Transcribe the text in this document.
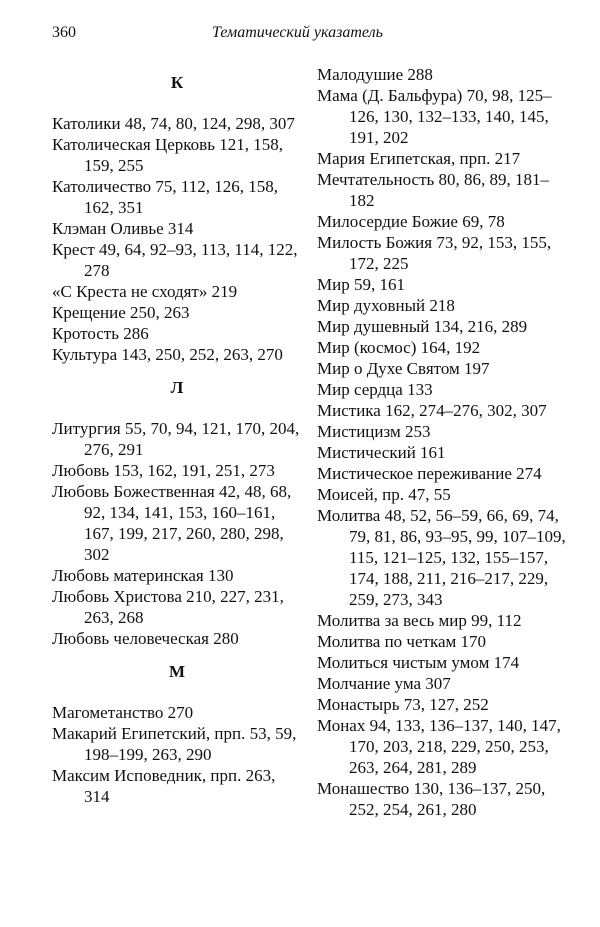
360	Тематический указатель
К

Католики 48, 74, 80, 124, 298, 307

Католическая Церковь 121, 158, 159, 255

Католичество 75, 112, 126, 158, 162, 351

Клэман Оливье 314

Крест 49, 64, 92–93, 113, 114, 122, 278

«С Креста не сходят» 219

Крещение 250, 263

Кротость 286

Культура 143, 250, 252, 263, 270

Л

Литургия 55, 70, 94, 121, 170, 204, 276, 291

Любовь 153, 162, 191, 251, 273

Любовь Божественная 42, 48, 68, 92, 134, 141, 153, 160–161, 167, 199, 217, 260, 280, 298, 302

Любовь материнская 130

Любовь Христова 210, 227, 231, 263, 268

Любовь человеческая 280

М

Магометанство 270

Макарий Египетский, прп. 53, 59, 198–199, 263, 290

Максим Исповедник, прп. 263, 314

Малодушие 288

Мама (Д. Бальфура) 70, 98, 125–126, 130, 132–133, 140, 145, 191, 202

Мария Египетская, прп. 217

Мечтательность 80, 86, 89, 181–182

Милосердие Божие 69, 78

Милость Божия 73, 92, 153, 155, 172, 225

Мир 59, 161

Мир духовный 218

Мир душевный 134, 216, 289

Мир (космос) 164, 192

Мир о Духе Святом 197

Мир сердца 133

Мистика 162, 274–276, 302, 307

Мистицизм 253

Мистический 161

Мистическое переживание 274

Моисей, пр. 47, 55

Молитва 48, 52, 56–59, 66, 69, 74, 79, 81, 86, 93–95, 99, 107–109, 115, 121–125, 132, 155–157, 174, 188, 211, 216–217, 229, 259, 273, 343

Молитва за весь мир 99, 112

Молитва по четкам 170

Молиться чистым умом 174

Молчание ума 307

Монастырь 73, 127, 252

Монах 94, 133, 136–137, 140, 147, 170, 203, 218, 229, 250, 253, 263, 264, 281, 289

Монашество 130, 136–137, 250, 252, 254, 261, 280
